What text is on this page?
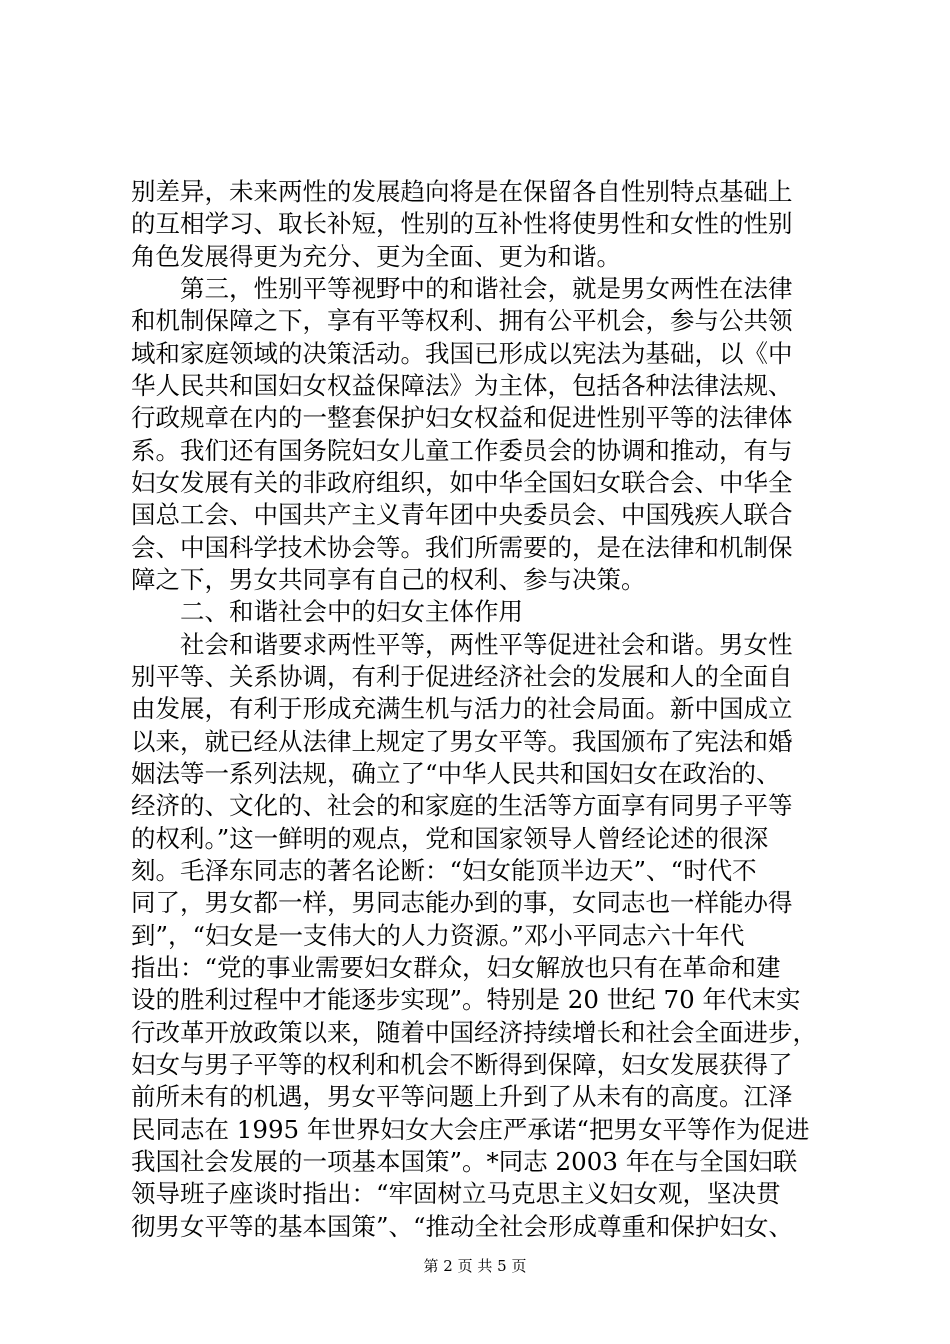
别差异，未来两性的发展趋向将是在保留各自性别特点基础上
的互相学习、取长补短，性别的互补性将使男性和女性的性别
角色发展得更为充分、更为全面、更为和谐。
第三，性别平等视野中的和谐社会，就是男女两性在法律
和机制保障之下，享有平等权利、拥有公平机会，参与公共领
域和家庭领域的决策活动。我国已形成以宪法为基础，以《中
华人民共和国妇女权益保障法》为主体，包括各种法律法规、
行政规章在内的一整套保护妇女权益和促进性别平等的法律体
系。我们还有国务院妇女儿童工作委员会的协调和推动，有与
妇女发展有关的非政府组织，如中华全国妇女联合会、中华全
国总工会、中国共产主义青年团中央委员会、中国残疾人联合
会、中国科学技术协会等。我们所需要的，是在法律和机制保
障之下，男女共同享有自己的权利、参与决策。
二、和谐社会中的妇女主体作用
社会和谐要求两性平等，两性平等促进社会和谐。男女性
别平等、关系协调，有利于促进经济社会的发展和人的全面自
由发展，有利于形成充满生机与活力的社会局面。新中国成立
以来，就已经从法律上规定了男女平等。我国颁布了宪法和婚
姻法等一系列法规，确立了“中华人民共和国妇女在政治的、
经济的、文化的、社会的和家庭的生活等方面享有同男子平等
的权利。”这一鲜明的观点，党和国家领导人曾经论述的很深
刻。毛泽东同志的著名论断：“妇女能顶半边天”、“时代不
同了，男女都一样，男同志能办到的事，女同志也一样能办得
到”，“妇女是一支伟大的人力资源。”邓小平同志六十年代
指出：“党的事业需要妇女群众，妇女解放也只有在革命和建
设的胜利过程中才能逐步实现”。特别是 20 世纪 70 年代末实
行改革开放政策以来，随着中国经济持续增长和社会全面进步，
妇女与男子平等的权利和机会不断得到保障，妇女发展获得了
前所未有的机遇，男女平等问题上升到了从未有的高度。江泽
民同志在 1995 年世界妇女大会庄严承诺“把男女平等作为促进
我国社会发展的一项基本国策”。*同志 2003 年在与全国妇联
领导班子座谈时指出：“牢固树立马克思主义妇女观，坚决贯
彻男女平等的基本国策”、“推动全社会形成尊重和保护妇女、
第 2 页 共 5 页
